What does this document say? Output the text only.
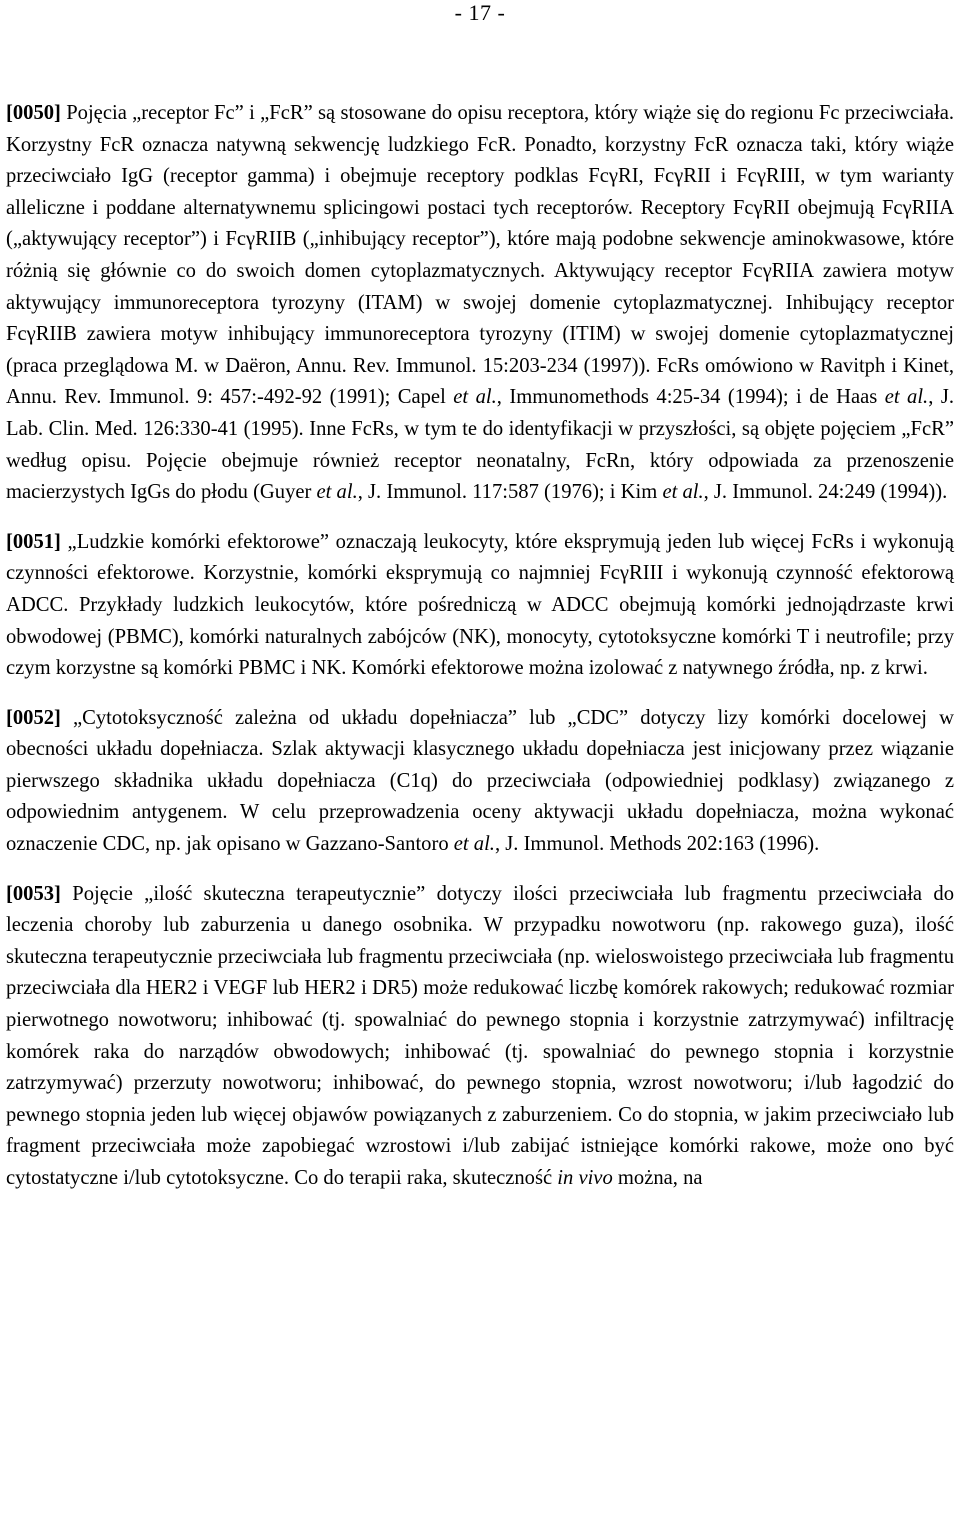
- 17 -

[0050] Pojęcia „receptor Fc” i „FcR” są stosowane do opisu receptora, który wiąże się do regionu Fc przeciwciała. Korzystny FcR oznacza natywną sekwencję ludzkiego FcR. Ponadto, korzystny FcR oznacza taki, który wiąże przeciwciało IgG (receptor gamma) i obejmuje receptory podklas FcγRI, FcγRII i FcγRIII, w tym warianty alleliczne i poddane alternatywnemu splicingowi postaci tych receptorów. Receptory FcγRII obejmują FcγRIIA („aktywujący receptor”) i FcγRIIB („inhibujący receptor”), które mają podobne sekwencje aminokwasowe, które różnią się głównie co do swoich domen cytoplazmatycznych. Aktywujący receptor FcγRIIA zawiera motyw aktywujący immunoreceptora tyrozyny (ITAM) w swojej domenie cytoplazmatycznej. Inhibujący receptor FcγRIIB zawiera motyw inhibujący immunoreceptora tyrozyny (ITIM) w swojej domenie cytoplazmatycznej (praca przeglądowa M. w Daëron, Annu. Rev. Immunol. 15:203-234 (1997)). FcRs omówiono w Ravitph i Kinet, Annu. Rev. Immunol. 9: 457:-492-92 (1991); Capel et al., Immunomethods 4:25-34 (1994); i de Haas et al., J. Lab. Clin. Med. 126:330-41 (1995). Inne FcRs, w tym te do identyfikacji w przyszłości, są objęte pojęciem „FcR” według opisu. Pojęcie obejmuje również receptor neonatalny, FcRn, który odpowiada za przenoszenie macierzystych IgGs do płodu (Guyer et al., J. Immunol. 117:587 (1976); i Kim et al., J. Immunol. 24:249 (1994)).

[0051] „Ludzkie komórki efektorowe” oznaczają leukocyty, które eksprymują jeden lub więcej FcRs i wykonują czynności efektorowe. Korzystnie, komórki eksprymują co najmniej FcγRIII i wykonują czynność efektorową ADCC. Przykłady ludzkich leukocytów, które pośredniczą w ADCC obejmują komórki jednojądrzaste krwi obwodowej (PBMC), komórki naturalnych zabójców (NK), monocyty, cytotoksyczne komórki T i neutrofile; przy czym korzystne są komórki PBMC i NK. Komórki efektorowe można izolować z natywnego źródła, np. z krwi.

[0052] „Cytotoksyczność zależna od układu dopełniacza” lub „CDC” dotyczy lizy komórki docelowej w obecności układu dopełniacza. Szlak aktywacji klasycznego układu dopełniacza jest inicjowany przez wiązanie pierwszego składnika układu dopełniacza (C1q) do przeciwciała (odpowiedniej podklasy) związanego z odpowiednim antygenem. W celu przeprowadzenia oceny aktywacji układu dopełniacza, można wykonać oznaczenie CDC, np. jak opisano w Gazzano-Santoro et al., J. Immunol. Methods 202:163 (1996).

[0053] Pojęcie „ilość skuteczna terapeutycznie” dotyczy ilości przeciwciała lub fragmentu przeciwciała do leczenia choroby lub zaburzenia u danego osobnika. W przypadku nowotworu (np. rakowego guza), ilość skuteczna terapeutycznie przeciwciała lub fragmentu przeciwciała (np. wieloswoistego przeciwciała lub fragmentu przeciwciała dla HER2 i VEGF lub HER2 i DR5) może redukować liczbę komórek rakowych; redukować rozmiar pierwotnego nowotworu; inhibować (tj. spowalniać do pewnego stopnia i korzystnie zatrzymywać) infiltrację komórek raka do narządów obwodowych; inhibować (tj. spowalniać do pewnego stopnia i korzystnie zatrzymywać) przerzuty nowotworu; inhibować, do pewnego stopnia, wzrost nowotworu; i/lub łagodzić do pewnego stopnia jeden lub więcej objawów powiązanych z zaburzeniem. Co do stopnia, w jakim przeciwciało lub fragment przeciwciała może zapobiegać wzrostowi i/lub zabijać istniejące komórki rakowe, może ono być cytostatyczne i/lub cytotoksyczne. Co do terapii raka, skuteczność in vivo można, na
